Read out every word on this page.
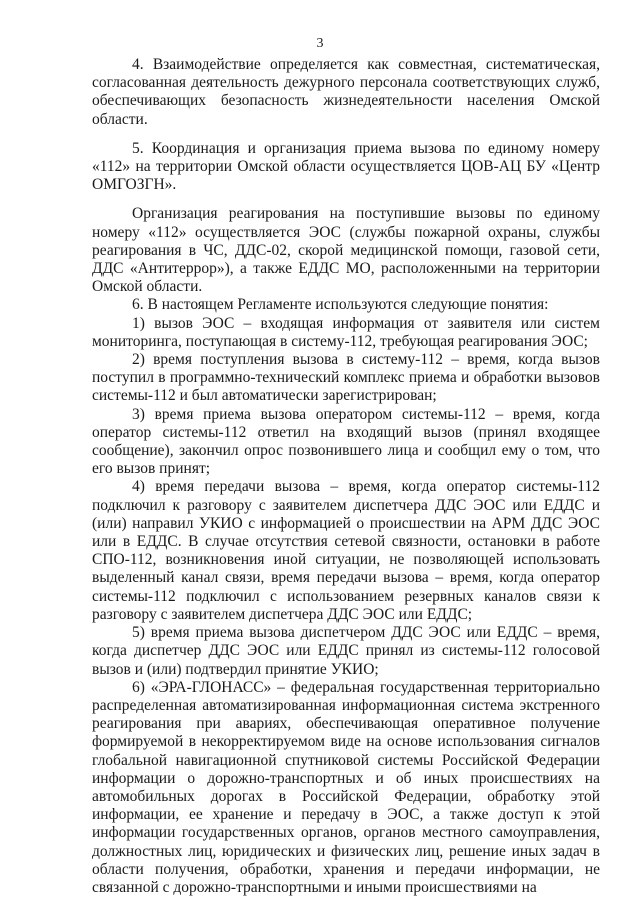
3

4. Взаимодействие определяется как совместная, систематическая, согласованная деятельность дежурного персонала соответствующих служб, обеспечивающих безопасность жизнедеятельности населения Омской области.

5. Координация и организация приема вызова по единому номеру «112» на территории Омской области осуществляется ЦОВ-АЦ БУ «Центр ОМГОЗГН».

Организация реагирования на поступившие вызовы по единому номеру «112» осуществляется ЭОС (службы пожарной охраны, службы реагирования в ЧС, ДДС-02, скорой медицинской помощи, газовой сети, ДДС «Антитеррор»), а также ЕДДС МО, расположенными на территории Омской области.

6. В настоящем Регламенте используются следующие понятия:

1) вызов ЭОС – входящая информация от заявителя или систем мониторинга, поступающая в систему-112, требующая реагирования ЭОС;

2) время поступления вызова в систему-112 – время, когда вызов поступил в программно-технический комплекс приема и обработки вызовов системы-112 и был автоматически зарегистрирован;

3) время приема вызова оператором системы-112 – время, когда оператор системы-112 ответил на входящий вызов (принял входящее сообщение), закончил опрос позвонившего лица и сообщил ему о том, что его вызов принят;

4) время передачи вызова – время, когда оператор системы-112 подключил к разговору с заявителем диспетчера ДДС ЭОС или ЕДДС и (или) направил УКИО с информацией о происшествии на АРМ ДДС ЭОС или в ЕДДС. В случае отсутствия сетевой связности, остановки в работе СПО-112, возникновения иной ситуации, не позволяющей использовать выделенный канал связи, время передачи вызова – время, когда оператор системы-112 подключил с использованием резервных каналов связи к разговору с заявителем диспетчера ДДС ЭОС или ЕДДС;

5) время приема вызова диспетчером ДДС ЭОС или ЕДДС – время, когда диспетчер ДДС ЭОС или ЕДДС принял из системы-112 голосовой вызов и (или) подтвердил принятие УКИО;

6) «ЭРА-ГЛОНАСС» – федеральная государственная территориально распределенная автоматизированная информационная система экстренного реагирования при авариях, обеспечивающая оперативное получение формируемой в некорректируемом виде на основе использования сигналов глобальной навигационной спутниковой системы Российской Федерации информации о дорожно-транспортных и об иных происшествиях на автомобильных дорогах в Российской Федерации, обработку этой информации, ее хранение и передачу в ЭОС, а также доступ к этой информации государственных органов, органов местного самоуправления, должностных лиц, юридических и физических лиц, решение иных задач в области получения, обработки, хранения и передачи информации, не связанной с дорожно-транспортными и иными происшествиями на
